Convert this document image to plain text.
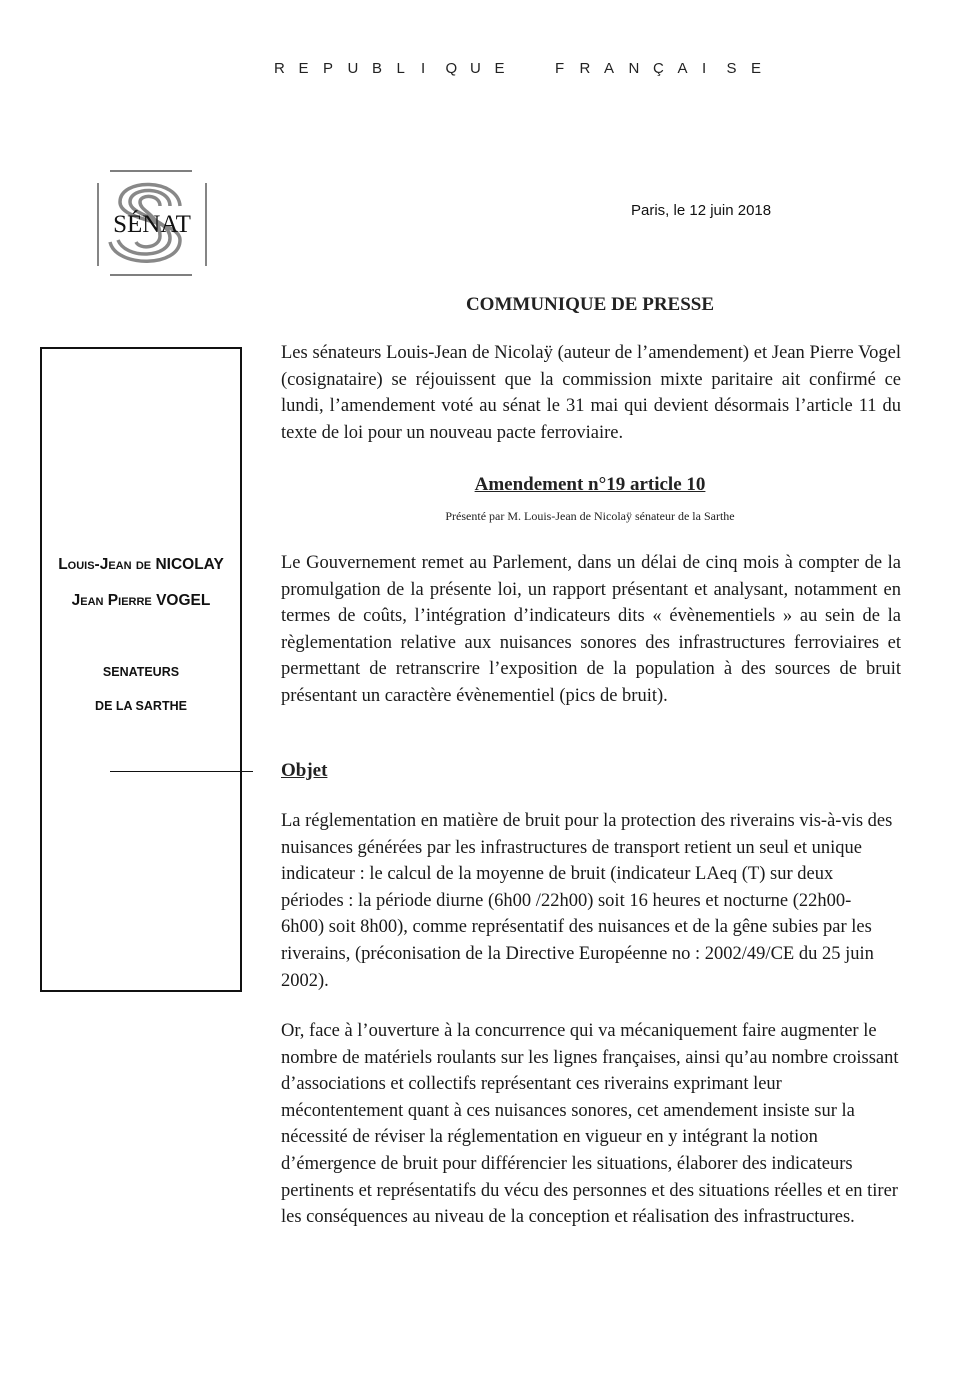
R E P U B L I Q U E	F R A N Ç A I S E
SÉNAT
Paris, le 12 juin 2018
COMMUNIQUE DE PRESSE
Les sénateurs Louis-Jean de Nicolaÿ (auteur de l’amendement) et Jean Pierre Vogel (cosignataire) se réjouissent que la commission mixte paritaire ait confirmé ce lundi, l’amendement voté au sénat le 31 mai qui devient désormais l’article 11 du texte de loi pour un nouveau pacte ferroviaire.
Amendement n°19 article 10
Présenté par M. Louis-Jean de Nicolaÿ sénateur de la Sarthe
Le Gouvernement remet au Parlement, dans un délai de cinq mois à compter de la promulgation de la présente loi, un rapport présentant et analysant, notamment en termes de coûts, l’intégration d’indicateurs dits « évènementiels » au sein de la règlementation relative aux nuisances sonores des infrastructures ferroviaires et permettant de retranscrire l’exposition de la population à des sources de bruit présentant un caractère évènementiel (pics de bruit).
Objet
La réglementation en matière de bruit pour la protection des riverains vis-à-vis des nuisances générées par les infrastructures de transport retient un seul et unique indicateur : le calcul de la moyenne de bruit (indicateur LAeq (T) sur deux périodes : la période diurne (6h00 /22h00) soit 16 heures et nocturne (22h00- 6h00) soit 8h00), comme représentatif des nuisances et de la gêne subies par les riverains, (préconisation de la Directive Européenne no : 2002/49/CE du 25 juin 2002).
Or, face à l’ouverture à la concurrence qui va mécaniquement faire augmenter le nombre de matériels roulants sur les lignes françaises, ainsi qu’au nombre croissant d’associations et collectifs représentant ces riverains exprimant leur mécontentement quant à ces nuisances sonores, cet amendement insiste sur la nécessité de réviser la réglementation en vigueur en y intégrant la notion d’émergence de bruit pour différencier les situations, élaborer des indicateurs pertinents et représentatifs du vécu des personnes et des situations réelles et en tirer les conséquences au niveau de la conception et réalisation des infrastructures.
Louis-Jean de NICOLAY
Jean Pierre VOGEL
SENATEURS
DE LA SARTHE
